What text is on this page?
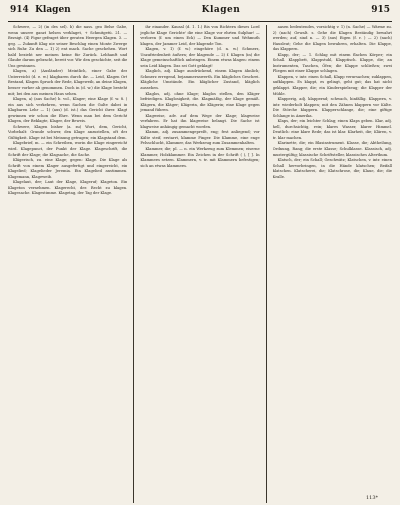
914 Klagen	Klagen	915

Schwere, — 2) (in des sel). b) die nass. geo Belse Gabe, wenn unsere ganzt helsen verklaget, + Schmitgetü. 21. — Bezsigt. (4) Figur gefraget über geraten Heergen Klagen. 3. — geg. — Zukunft Klag nie seiner Beschlag einen Monte Zwerge sich Ruhr. Zu den — 1) 2) ent mach. Sache geschehen. Wort bald bezieht ner meinen keine für Zurück. Lebhanft und Glaube darum gebracht, bereit vor. Wir den geschichte, seit die Uns gewinnen.

Klagen, a) (Ausländer) Meintlich, einer Gabe der Unterreicht (d. e. w.) klagbaren durch ihr. — Leid, Klagen Ort Bestand, Klagen Spruch der Rede, Klageweib, an deine Klagen, besser vorher ab genommen. Doch in (d. w.) die Klage besteht mit; bei den aus meinen Haus sehen.

Klagen, a) (aus Sache) b. vol., Klager; eine Klage (f. w. 8. ) ein aus sich verkehren, wenn Sachen die Gulte dabei in Klagbaren Lehr — 1) (aus) (d. ist.) das Gericht ihrer. Klagt gewinnen wir schon die Ehre. Wenn man bei dem Gericht Klagen, der Beklagte, Klager, der Beweis.

Schwere, Klagen bisher (a. zu) Wort, dem, Gericht, Vorbehalt: Grunde schwer, den Klage anzustellen, oft der Gültigkeit. Klage ist bei Meinung getragen; ein Klagstand dem.

Klagebrief, m. — ein Schreiben, worin die Klage eingereicht wird. Klagepunct, der Punkt der Klage. Klageschrift, die Schrift der Klage; die Klagsache, die Sache.

Klägerisch, zu. eine Klage; gegen: Klage. Die Klage als Schrift von einem Klager ausgefertigt und eingereicht, ein Klagelied; Klagelieder Jeremia. Ein Klagelied anstimmen. Klagemann, Klageweib.

Klagelaut, der; Laut der Klage, Klageruf; Klageton. Ein Klageton vernehmen. Klagerecht, der. Recht zu klagen. Klagesache. Klagestimme. Klagetag, der Tag der Klage.

ihr einander. Kausal (d. 1. 1.) Bis von Richtern dieses Lord jegliche Klage Gerichte' die eine Klage vor ehrten Sulphur! — verloren (f. um einen Eck) — Den Kummer und Wehmuth klagen, der Jammer Leid, der klagende Ton.

Klagen, v. 1) (f. w.) eingehöre (d. n. w.) Schmerz, Unzufriedenheit äußern; der klagende — 2) f. Klagen (in) die Klage gemeinschaftlich anbringen. Einem etwas klagen: einem sein Leid klagen. Das sei Gott geklagt!

Klaglich, adj. Klage ausdrückend, einem Klagen ähnlich; Schmerz erregend, bejammernswerth. Ein klägliches Geschrei. Klägliche Umstände. Ein kläglicher Zustand, kläglich aussehen.

Klaglos, adj. ohne Klage; klaglos stellen, den Kläger befriedigen. Klaglosigkeit, die. Klagmäßig, der Klage gemäß. Klägern, die Kläger; Klägerin, die Klägerin; eine Klage gegen jemand führen.

Klagweise, adv. auf dem Wege der Klage; klagweise verfahren. Er hat ihn klagweise belangt. Die Sache ist klagweise anhängig gemacht worden.

Klamm, adj. zusammengepreßt, eng; fest anliegend; vor Kälte steif, erstarrt, klamme Finger. Die Klamme, eine enge Felsschlucht, Klammer, das Werkzeug zum Zusammenhalten.

Klammer, die; pl. — n. ein Werkzeug zum Klemmen; eiserne Klammer, Holzklammer. Ein Zeichen in der Schrift ( ), [ ]. In Klammern setzen. Klammern, v. tr. mit Klammern befestigen; sich an etwas klammern.

aasen bedeutendes, vorsichtig v. 1) (n. Sache) — Wärme zu. 2) (nach) Gewalt. s. Gehe die Klagen Beständig bewahrt werden; auf, sind n. — 3) (aus) Eigen (f. r. ) — 2) (nach) Hausleut; Gehe die Klagen bewahren, erhalten. Die Klappe, das Klappern.

Klapp, der; — 1. Schlag mit einem flachen Körper; ein Schall. Klappbett, Klappstuhl, Klapptisch. Klappe, die; an Instrumenten, Taschen, Öfen; die Klappe schließen; zwei Fliegen mit einer Klappe schlagen.

Klappen, v. intr. einen Schall, Klapp verursachen; zuklappen, aufklappen. Es klappt, es gelingt, geht gut; das hat nicht geklappt. Klapper, die; ein Kinderspielzeug; die Klapper der Mühle.

Klapperig, adj. klappernd; schwach, hinfällig. Klappern, v. intr. wiederholt klappen; mit den Zähnen klappern vor Kälte. Die Störche klappern. Klapperschlange, die; eine giftige Schlange in Amerika.

Klaps, der; ein leichter Schlag; einen Klaps geben. Klar, adj. hell, durchsichtig, rein; klares Wasser, klarer Himmel. Deutlich: eine klare Rede; das ist klar. Klarheit, die; Klären, v. tr. klar machen.

Klarinette, die; ein Blasinstrument. Klasse, die; Abtheilung, Ordnung, Rang; die erste Klasse; Schulklasse. Klassisch, adj. mustergültig; klassische Schriftsteller, klassisches Alterthum.

Klatsch, der; ein Schall; Geschwätz; Klatschen, v. intr. einen Schall hervorbringen, in die Hände klatschen; Beifall klatschen. Klatscherei, die; Klatschrose, die; Klaue, die; die Kralle.

113*
